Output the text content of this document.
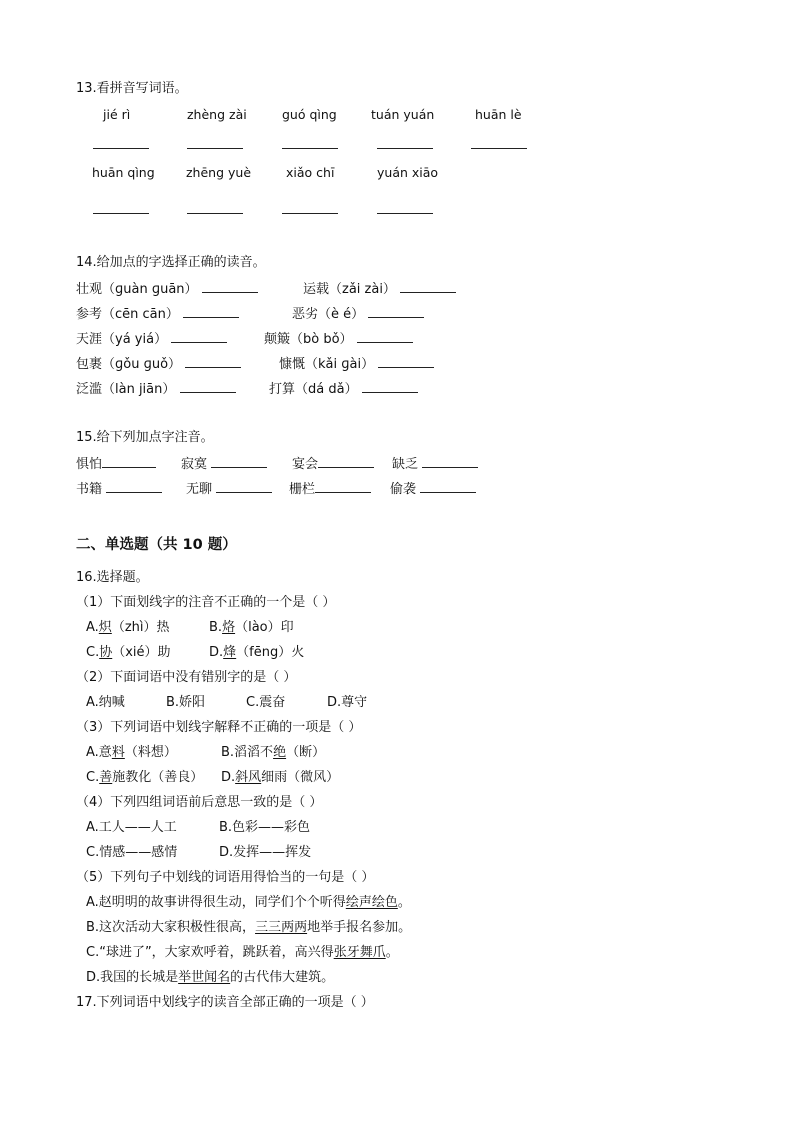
13.看拼音写词语。
jié rì	zhèng zài	guó qìng	tuán yuán	huān lè
huān qìng	zhēng yuè	xiǎo chī	yuán xiāo
14.给加点的字选择正确的读音。
壮观（ɡuàn ɡuān）	运载（zǎi zài）
参考（cēn cān）	恶劣（è é）
天涯（yá yiá）	颠簸（bò bǒ）
包裹（ɡǒu ɡuǒ）	慷慨（kǎi ɡài）
泛滥（làn jiān）	打算（dá dǎ）
15.给下列加点字注音。
惧怕	寂寞	宴会	缺乏
书籍	无聊	栅栏	偷袭
二、单选题（共 10 题）
16.选择题。
（1）下面划线字的注音不正确的一个是（ ）
A.炽（zhì）热	B.烙（lào）印
C.协（xié）助	D.烽（fēng）火
（2）下面词语中没有错别字的是（ ）
A.纳喊	B.娇阳	C.震奋	D.尊守
（3）下列词语中划线字解释不正确的一项是（ ）
A.意料（料想）	B.滔滔不绝（断）
C.善施教化（善良） D.斜风细雨（微风）
（4）下列四组词语前后意思一致的是（ ）
A.工人——人工	B.色彩——彩色
C.情感——感情	D.发挥——挥发
（5）下列句子中划线的词语用得恰当的一句是（ ）
A.赵明明的故事讲得很生动，同学们个个听得绘声绘色。
B.这次活动大家积极性很高，三三两两地举手报名参加。
C.“球进了”，大家欢呼着，跳跃着，高兴得张牙舞爪。
D.我国的长城是举世闻名的古代伟大建筑。
17.下列词语中划线字的读音全部正确的一项是（ ）
